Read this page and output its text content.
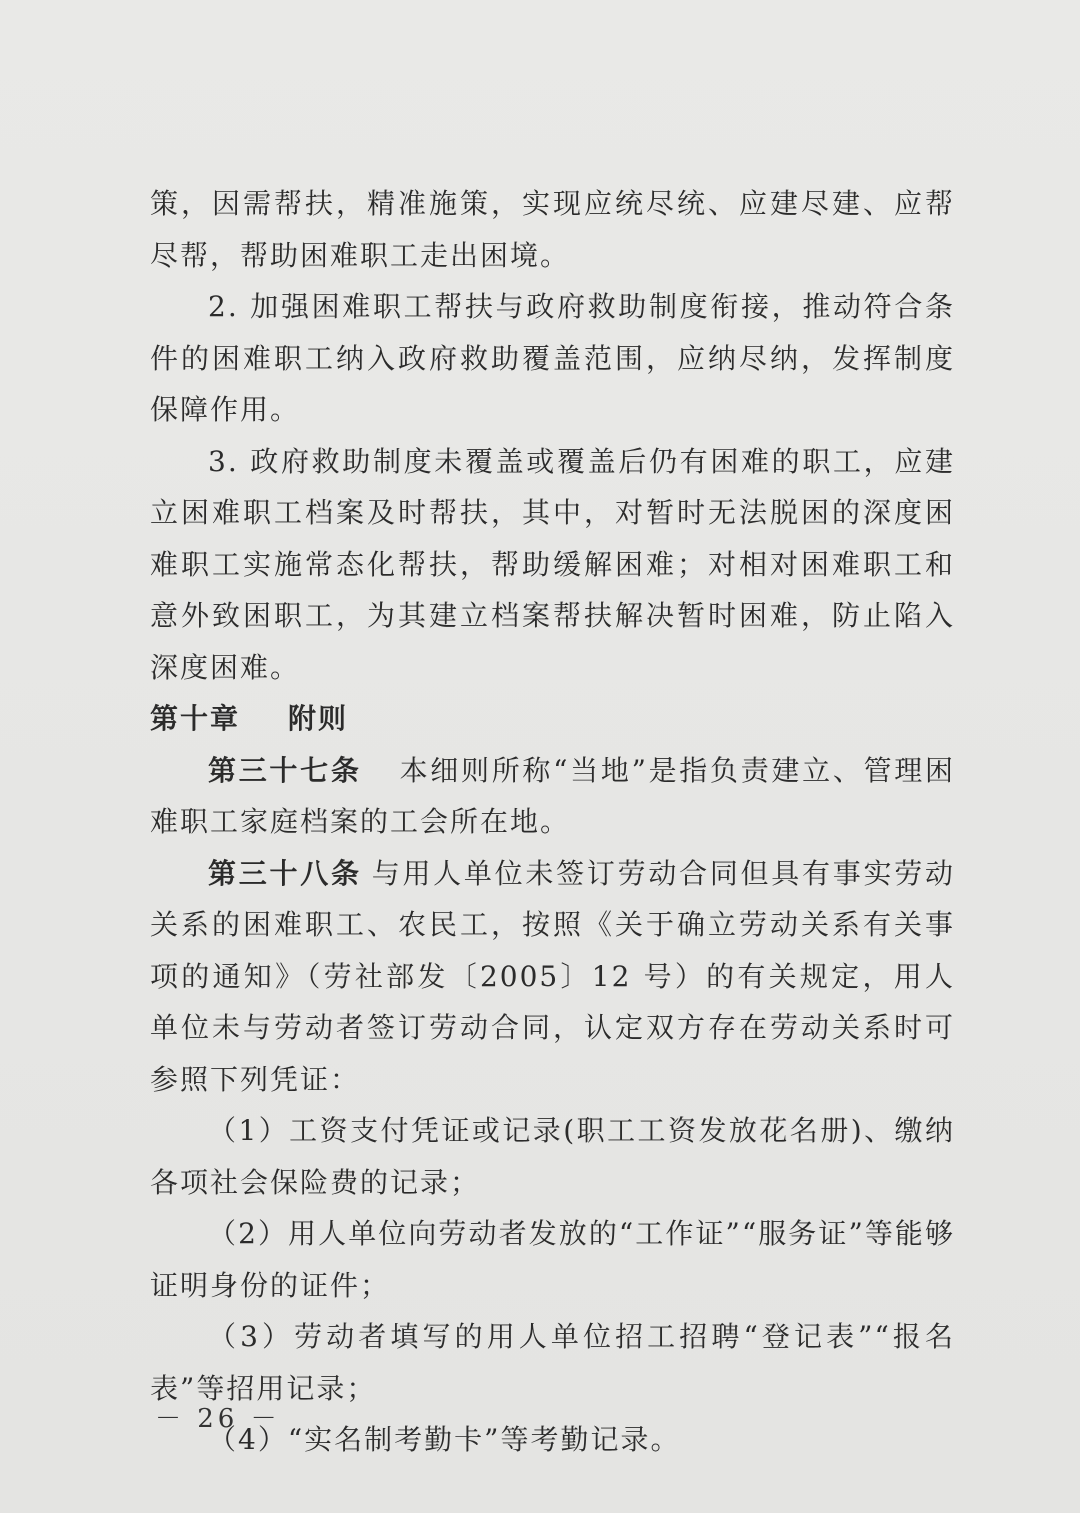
策，因需帮扶，精准施策，实现应统尽统、应建尽建、应帮尽帮，帮助困难职工走出困境。

2. 加强困难职工帮扶与政府救助制度衔接，推动符合条件的困难职工纳入政府救助覆盖范围，应纳尽纳，发挥制度保障作用。

3. 政府救助制度未覆盖或覆盖后仍有困难的职工，应建立困难职工档案及时帮扶，其中，对暂时无法脱困的深度困难职工实施常态化帮扶，帮助缓解困难；对相对困难职工和意外致困职工，为其建立档案帮扶解决暂时困难，防止陷入深度困难。

第十章 附则

第三十七条 本细则所称“当地”是指负责建立、管理困难职工家庭档案的工会所在地。

第三十八条 与用人单位未签订劳动合同但具有事实劳动关系的困难职工、农民工，按照《关于确立劳动关系有关事项的通知》（劳社部发〔2005〕12 号）的有关规定，用人单位未与劳动者签订劳动合同，认定双方存在劳动关系时可参照下列凭证：

（1）工资支付凭证或记录(职工工资发放花名册)、缴纳各项社会保险费的记录；

（2）用人单位向劳动者发放的“工作证”“服务证”等能够证明身份的证件；

（3）劳动者填写的用人单位招工招聘“登记表”“报名表”等招用记录；

（4）“实名制考勤卡”等考勤记录。

－ 26 －
